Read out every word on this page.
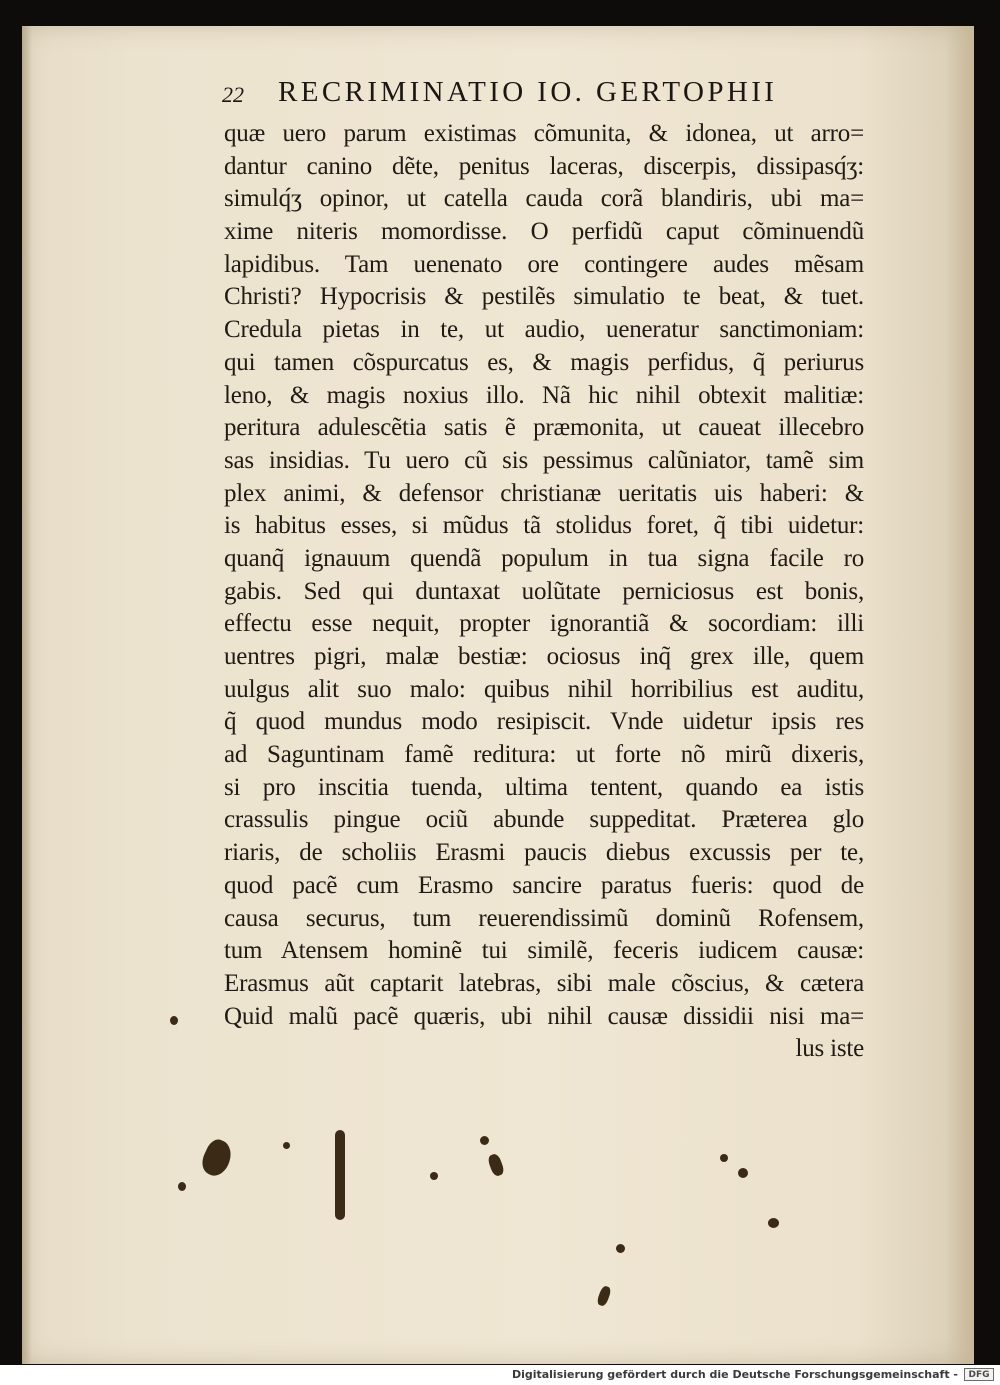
22 RECRIMINATIO IO. GERTOPHII
quæ uero parum existimas cõmunita, & idonea, ut arro=
dantur canino dẽte, penitus laceras, discerpis, dissipasq́ʒ:
simulq́ʒ opinor, ut catella cauda corã blandiris, ubi ma=
xime niteris momordisse. O perfidũ caput cõminuendũ
lapidibus. Tam uenenato ore contingere audes mẽsam
Christi? Hypocrisis & pestilẽs simulatio te beat, & tuet.
Credula pietas in te, ut audio, ueneratur sanctimoniam:
qui tamen cõspurcatus es, & magis perfidus, q̃ periurus
leno, & magis noxius illo. Nã hic nihil obtexit malitiæ:
peritura adulescẽtia satis ẽ præmonita, ut caueat illecebro
sas insidias. Tu uero cũ sis pessimus calũniator, tamẽ sim
plex animi, & defensor christianæ ueritatis uis haberi: &
is habitus esses, si mũdus tã stolidus foret, q̃ tibi uidetur:
quanq̃ ignauum quendã populum in tua signa facile ro
gabis. Sed qui duntaxat uolũtate perniciosus est bonis,
effectu esse nequit, propter ignorantiã & socordiam: illi
uentres pigri, malæ bestiæ: ociosus inq̃ grex ille, quem
uulgus alit suo malo: quibus nihil horribilius est auditu,
q̃ quod mundus modo resipiscit. Vnde uidetur ipsis res
ad Saguntinam famẽ reditura: ut forte nõ mirũ dixeris,
si pro inscitia tuenda, ultima tentent, quando ea istis
crassulis pingue ociũ abunde suppeditat. Præterea glo
riaris, de scholiis Erasmi paucis diebus excussis per te,
quod pacẽ cum Erasmo sancire paratus fueris: quod de
causa securus, tum reuerendissimũ dominũ Rofensem,
tum Atensem hominẽ tui similẽ, feceris iudicem causæ:
Erasmus aũt captarit latebras, sibi male cõscius, & cætera
Quid malũ pacẽ quæris, ubi nihil causæ dissidii nisi ma=
lus iste
Digitalisierung gefördert durch die Deutsche Forschungsgemeinschaft -	DFG
